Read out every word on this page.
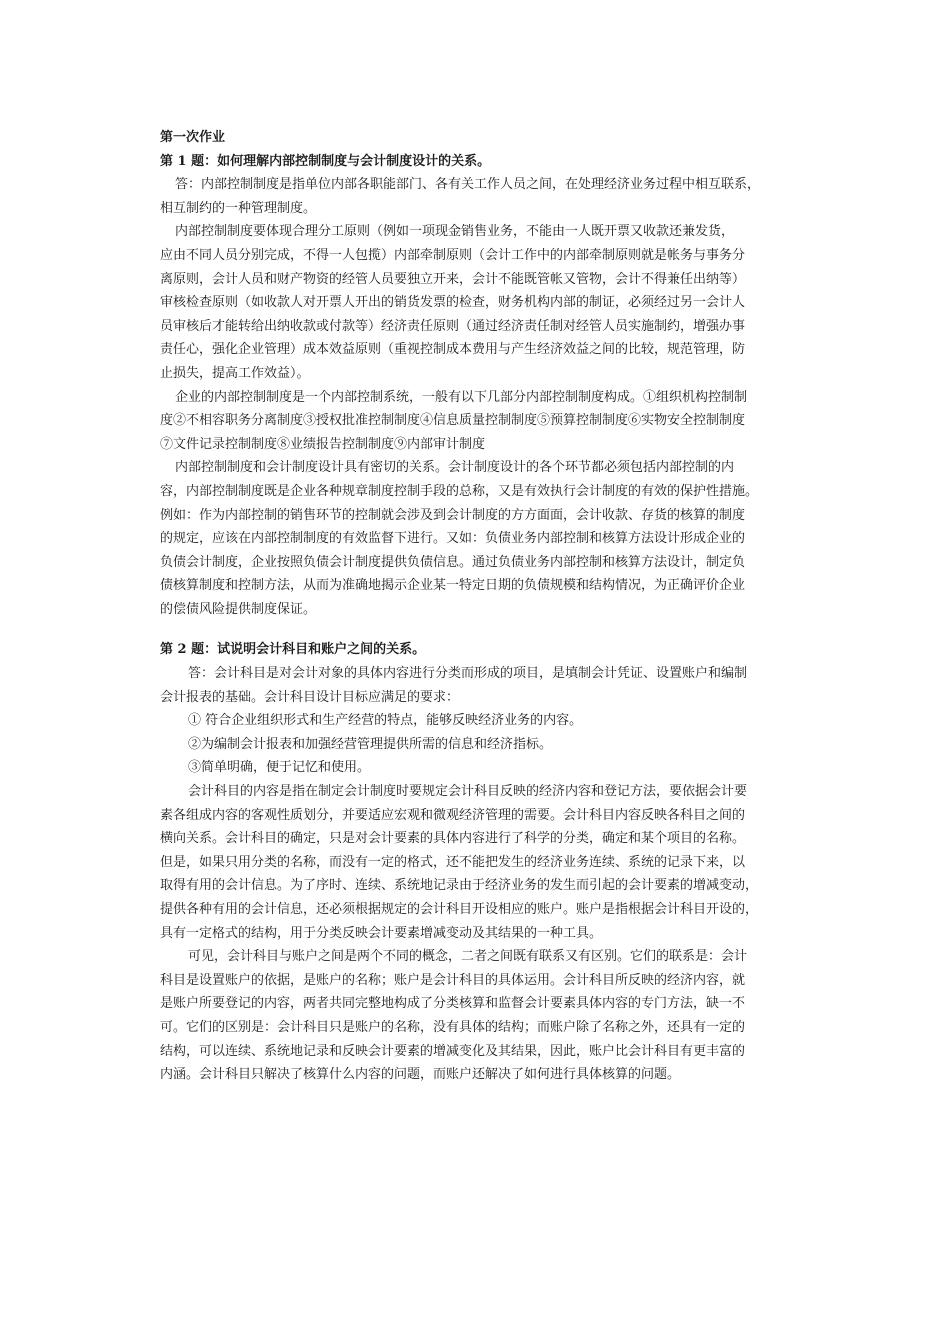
第一次作业
第 1 题：如何理解内部控制制度与会计制度设计的关系。
答：内部控制制度是指单位内部各职能部门、各有关工作人员之间，在处理经济业务过程中相互联系，
相互制约的一种管理制度。
内部控制制度要体现合理分工原则（例如一项现金销售业务，不能由一人既开票又收款还兼发货，
应由不同人员分别完成，不得一人包揽）内部牵制原则（会计工作中的内部牵制原则就是帐务与事务分
离原则，会计人员和财产物资的经管人员要独立开来，会计不能既管帐又管物，会计不得兼任出纳等）
审核检查原则（如收款人对开票人开出的销货发票的检查，财务机构内部的制证，必须经过另一会计人
员审核后才能转给出纳收款或付款等）经济责任原则（通过经济责任制对经管人员实施制约，增强办事
责任心，强化企业管理）成本效益原则（重视控制成本费用与产生经济效益之间的比较，规范管理，防
止损失，提高工作效益）。
企业的内部控制制度是一个内部控制系统，一般有以下几部分内部控制制度构成。①组织机构控制制
度②不相容职务分离制度③授权批准控制制度④信息质量控制制度⑤预算控制制度⑥实物安全控制制度
⑦文件记录控制制度⑧业绩报告控制制度⑨内部审计制度
内部控制制度和会计制度设计具有密切的关系。会计制度设计的各个环节都必须包括内部控制的内
容，内部控制制度既是企业各种规章制度控制手段的总称，又是有效执行会计制度的有效的保护性措施。
例如：作为内部控制的销售环节的控制就会涉及到会计制度的方方面面，会计收款、存货的核算的制度
的规定，应该在内部控制制度的有效监督下进行。又如：负债业务内部控制和核算方法设计形成企业的
负债会计制度，企业按照负债会计制度提供负债信息。通过负债业务内部控制和核算方法设计，制定负
债核算制度和控制方法，从而为准确地揭示企业某一特定日期的负债规模和结构情况，为正确评价企业
的偿债风险提供制度保证。
第 2 题：试说明会计科目和账户之间的关系。
答：会计科目是对会计对象的具体内容进行分类而形成的项目，是填制会计凭证、设置账户和编制
会计报表的基础。会计科目设计目标应满足的要求：
① 符合企业组织形式和生产经营的特点，能够反映经济业务的内容。
②为编制会计报表和加强经营管理提供所需的信息和经济指标。
③简单明确，便于记忆和使用。
会计科目的内容是指在制定会计制度时要规定会计科目反映的经济内容和登记方法，要依据会计要
素各组成内容的客观性质划分，并要适应宏观和微观经济管理的需要。会计科目内容反映各科目之间的
横向关系。会计科目的确定，只是对会计要素的具体内容进行了科学的分类，确定和某个项目的名称。
但是，如果只用分类的名称，而没有一定的格式，还不能把发生的经济业务连续、系统的记录下来，以
取得有用的会计信息。为了序时、连续、系统地记录由于经济业务的发生而引起的会计要素的增减变动，
提供各种有用的会计信息，还必须根据规定的会计科目开设相应的账户。账户是指根据会计科目开设的，
具有一定格式的结构，用于分类反映会计要素增减变动及其结果的一种工具。
可见，会计科目与账户之间是两个不同的概念，二者之间既有联系又有区别。它们的联系是：会计
科目是设置账户的依据，是账户的名称；账户是会计科目的具体运用。会计科目所反映的经济内容，就
是账户所要登记的内容，两者共同完整地构成了分类核算和监督会计要素具体内容的专门方法，缺一不
可。它们的区别是：会计科目只是账户的名称，没有具体的结构；而账户除了名称之外，还具有一定的
结构，可以连续、系统地记录和反映会计要素的增减变化及其结果，因此，账户比会计科目有更丰富的
内涵。会计科目只解决了核算什么内容的问题，而账户还解决了如何进行具体核算的问题。
